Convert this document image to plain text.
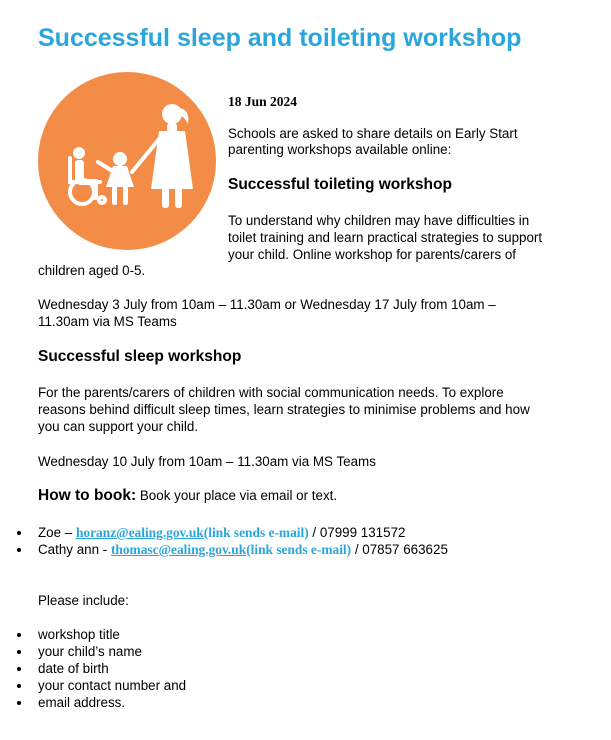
Successful sleep and toileting workshop
18 Jun 2024
Schools are asked to share details on Early Start
parenting workshops available online:
Successful toileting workshop
To understand why children may have difficulties in
toilet training and learn practical strategies to support
your child. Online workshop for parents/carers of
children aged 0-5.
Wednesday 3 July from 10am – 11.30am or Wednesday 17 July from 10am –
11.30am via MS Teams
Successful sleep workshop
For the parents/carers of children with social communication needs. To explore
reasons behind difficult sleep times, learn strategies to minimise problems and how
you can support your child.
Wednesday 10 July from 10am – 11.30am via MS Teams
How to book: Book your place via email or text.
Zoe – horanz@ealing.gov.uk(link sends e-mail) / 07999 131572
Cathy ann - thomasc@ealing.gov.uk(link sends e-mail) / 07857 663625
Please include:
workshop title
your child’s name
date of birth
your contact number and
email address.
